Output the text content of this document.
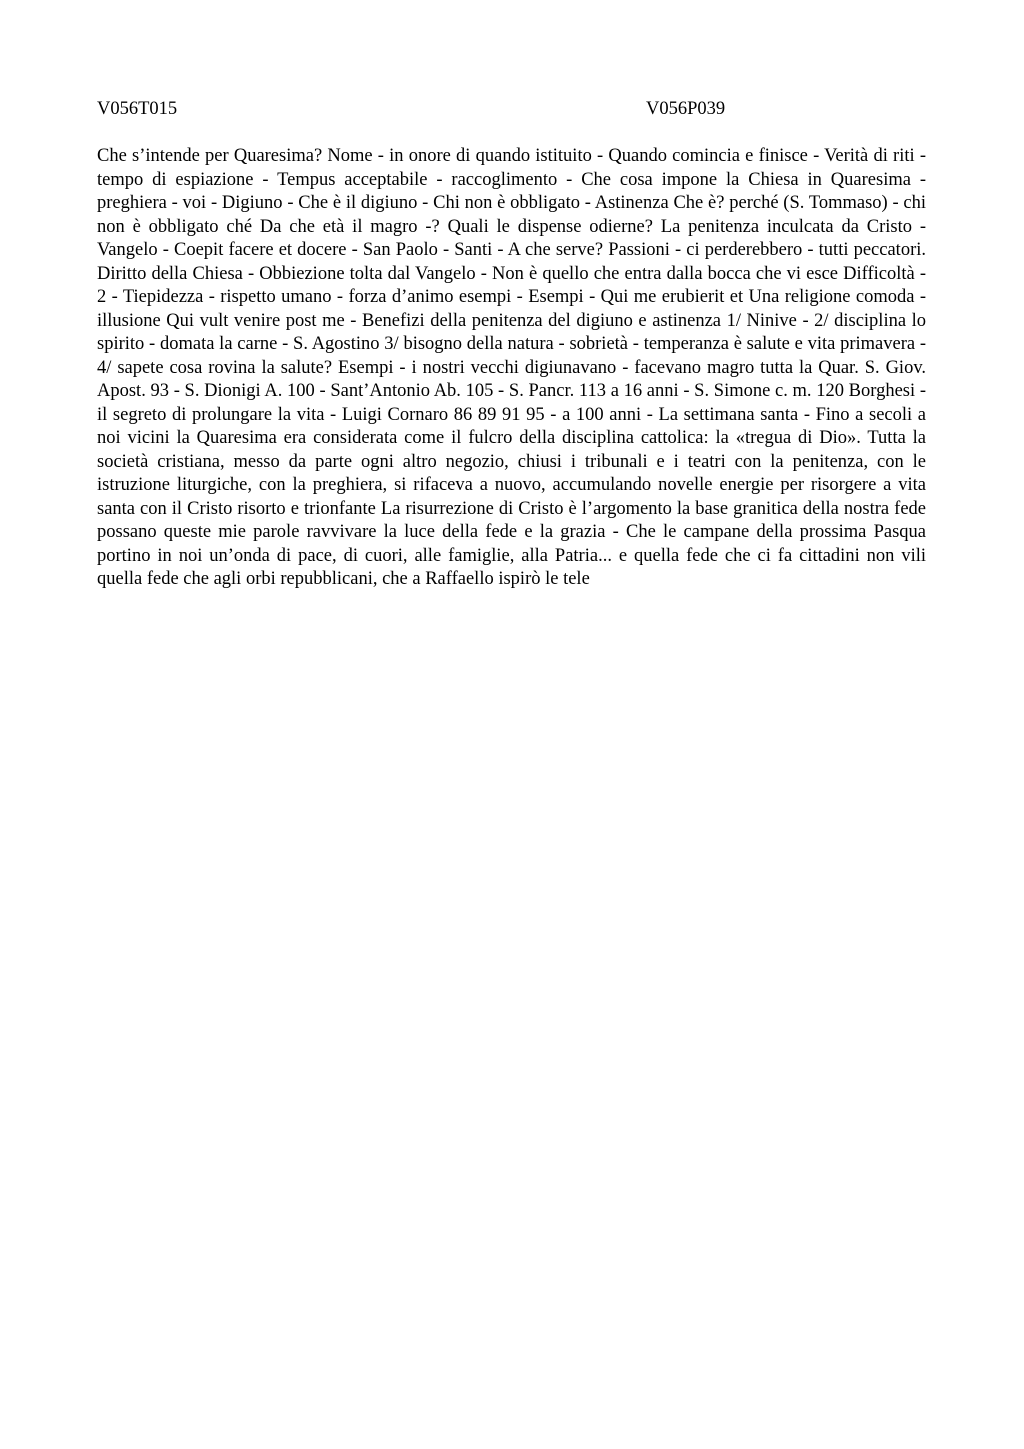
V056T015	V056P039

Che s’intende per Quaresima? Nome - in onore di quando istituito - Quando comincia e finisce - Verità di riti - tempo di espiazione - Tempus acceptabile - raccoglimento - Che cosa impone la Chiesa in Quaresima - preghiera - voi - Digiuno - Che è il digiuno - Chi non è obbligato - Astinenza Che è? perché (S. Tommaso) - chi non è obbligato ché Da che età il magro -? Quali le dispense odierne? La penitenza inculcata da Cristo - Vangelo - Coepit facere et docere - San Paolo - Santi - A che serve? Passioni - ci perderebbero - tutti peccatori. Diritto della Chiesa - Obbiezione tolta dal Vangelo - Non è quello che entra dalla bocca che vi esce Difficoltà - 2 - Tiepidezza - rispetto umano - forza d’animo esempi - Esempi - Qui me erubierit et Una religione comoda - illusione Qui vult venire post me - Benefizi della penitenza del digiuno e astinenza 1/ Ninive - 2/ disciplina lo spirito - domata la carne - S. Agostino 3/ bisogno della natura - sobrietà - temperanza è salute e vita primavera - 4/ sapete cosa rovina la salute? Esempi - i nostri vecchi digiunavano - facevano magro tutta la Quar. S. Giov. Apost. 93 - S. Dionigi A. 100 - Sant’Antonio Ab. 105 - S. Pancr. 113 a 16 anni - S. Simone c. m. 120 Borghesi - il segreto di prolungare la vita - Luigi Cornaro 86 89 91 95 - a 100 anni - La settimana santa - Fino a secoli a noi vicini la Quaresima era considerata come il fulcro della disciplina cattolica: la «tregua di Dio». Tutta la società cristiana, messo da parte ogni altro negozio, chiusi i tribunali e i teatri con la penitenza, con le istruzione liturgiche, con la preghiera, si rifaceva a nuovo, accumulando novelle energie per risorgere a vita santa con il Cristo risorto e trionfante La risurrezione di Cristo è l’argomento la base granitica della nostra fede possano queste mie parole ravvivare la luce della fede e la grazia - Che le campane della prossima Pasqua portino in noi un’onda di pace, di cuori, alle famiglie, alla Patria... e quella fede che ci fa cittadini non vili quella fede che agli orbi repubblicani, che a Raffaello ispirò le tele
